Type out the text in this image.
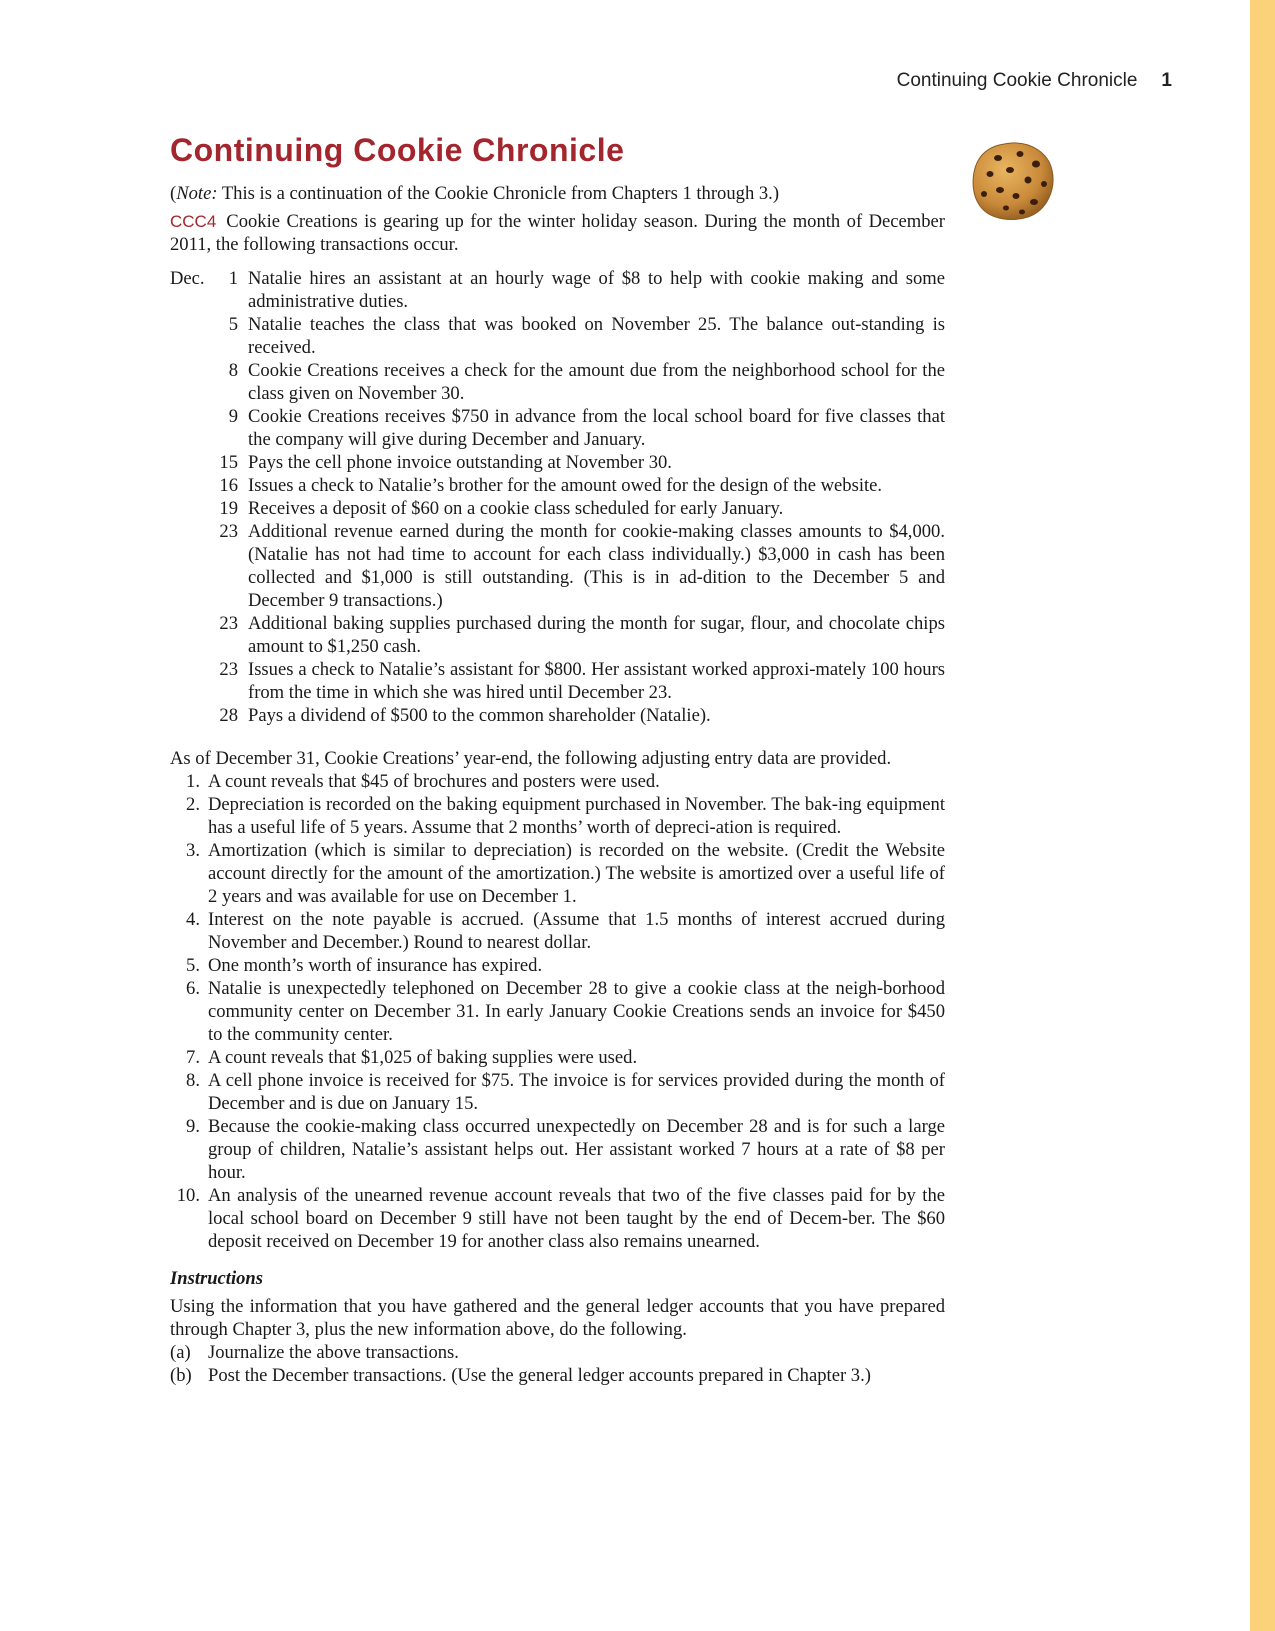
Continuing Cookie Chronicle 1
Continuing Cookie Chronicle

(Note: This is a continuation of the Cookie Chronicle from Chapters 1 through 3.)

CCC4 Cookie Creations is gearing up for the winter holiday season. During the month of December 2011, the following transactions occur.

Dec.	1 Natalie hires an assistant at an hourly wage of $8 to help with cookie making and some administrative duties.
5 Natalie teaches the class that was booked on November 25. The balance out-standing is received.
8 Cookie Creations receives a check for the amount due from the neighborhood school for the class given on November 30.
9 Cookie Creations receives $750 in advance from the local school board for five classes that the company will give during December and January.
15 Pays the cell phone invoice outstanding at November 30.
16 Issues a check to Natalie’s brother for the amount owed for the design of the website.
19 Receives a deposit of $60 on a cookie class scheduled for early January.
23 Additional revenue earned during the month for cookie-making classes amounts to $4,000. (Natalie has not had time to account for each class individually.) $3,000 in cash has been collected and $1,000 is still outstanding. (This is in ad-dition to the December 5 and December 9 transactions.)
23 Additional baking supplies purchased during the month for sugar, flour, and chocolate chips amount to $1,250 cash.
23 Issues a check to Natalie’s assistant for $800. Her assistant worked approxi-mately 100 hours from the time in which she was hired until December 23.
28 Pays a dividend of $500 to the common shareholder (Natalie).

As of December 31, Cookie Creations’ year-end, the following adjusting entry data are provided.

1. A count reveals that $45 of brochures and posters were used.
2. Depreciation is recorded on the baking equipment purchased in November. The bak-ing equipment has a useful life of 5 years. Assume that 2 months’ worth of depreci-ation is required.
3. Amortization (which is similar to depreciation) is recorded on the website. (Credit the Website account directly for the amount of the amortization.) The website is amortized over a useful life of 2 years and was available for use on December 1.
4. Interest on the note payable is accrued. (Assume that 1.5 months of interest accrued during November and December.) Round to nearest dollar.
5. One month’s worth of insurance has expired.
6. Natalie is unexpectedly telephoned on December 28 to give a cookie class at the neigh-borhood community center on December 31. In early January Cookie Creations sends an invoice for $450 to the community center.
7. A count reveals that $1,025 of baking supplies were used.
8. A cell phone invoice is received for $75. The invoice is for services provided during the month of December and is due on January 15.
9. Because the cookie-making class occurred unexpectedly on December 28 and is for such a large group of children, Natalie’s assistant helps out. Her assistant worked 7 hours at a rate of $8 per hour.
10. An analysis of the unearned revenue account reveals that two of the five classes paid for by the local school board on December 9 still have not been taught by the end of Decem-ber. The $60 deposit received on December 19 for another class also remains unearned.
Instructions

Using the information that you have gathered and the general ledger accounts that you have prepared through Chapter 3, plus the new information above, do the following.

(a) Journalize the above transactions.
(b) Post the December transactions. (Use the general ledger accounts prepared in Chapter 3.)
